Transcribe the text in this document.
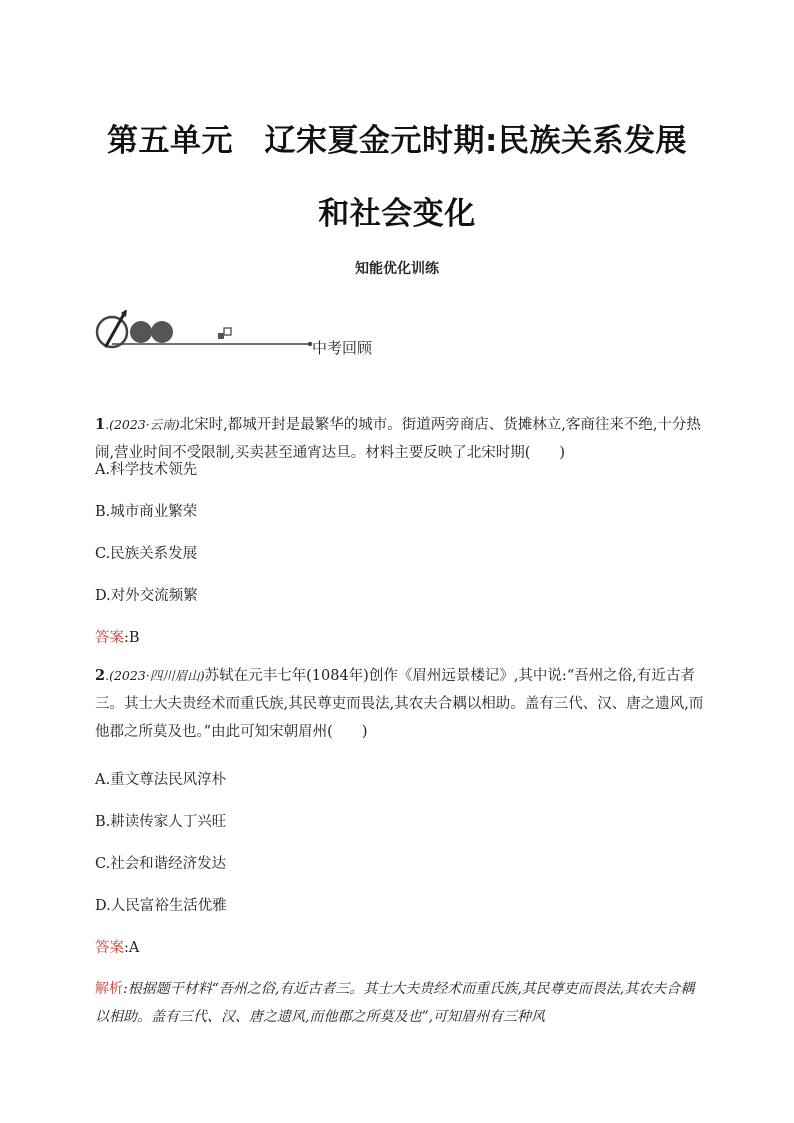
第五单元　辽宋夏金元时期:民族关系发展
和社会变化
知能优化训练
中考回顾
1.(2023·云南)北宋时,都城开封是最繁华的城市。街道两旁商店、货摊林立,客商往来不绝,十分热闹,营业时间不受限制,买卖甚至通宵达旦。材料主要反映了北宋时期(　　)
A.科学技术领先
B.城市商业繁荣
C.民族关系发展
D.对外交流频繁
答案:B
2.(2023·四川眉山)苏轼在元丰七年(1084年)创作《眉州远景楼记》,其中说:“吾州之俗,有近古者三。其士大夫贵经术而重氏族,其民尊吏而畏法,其农夫合耦以相助。盖有三代、汉、唐之遗风,而他郡之所莫及也。”由此可知宋朝眉州(　　)
A.重文尊法民风淳朴
B.耕读传家人丁兴旺
C.社会和谐经济发达
D.人民富裕生活优雅
答案:A
解析:根据题干材料“吾州之俗,有近古者三。其士大夫贵经术而重氏族,其民尊吏而畏法,其农夫合耦以相助。盖有三代、汉、唐之遗风,而他郡之所莫及也”,可知眉州有三种风
